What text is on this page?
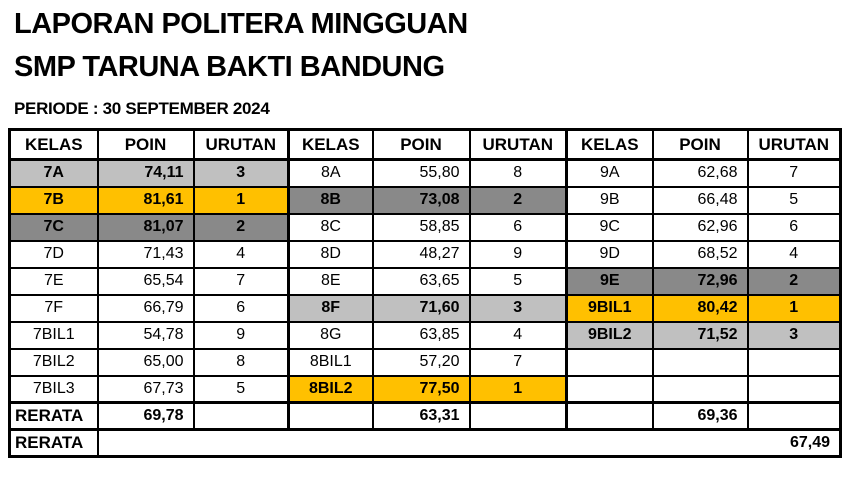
LAPORAN POLITERA MINGGUAN
SMP TARUNA BAKTI BANDUNG
PERIODE : 30 SEPTEMBER 2024
KELAS	POIN	URUTAN	KELAS	POIN	URUTAN	KELAS	POIN	URUTAN
7A	74,11	3	8A	55,80	8	9A	62,68	7
7B	81,61	1	8B	73,08	2	9B	66,48	5
7C	81,07	2	8C	58,85	6	9C	62,96	6
7D	71,43	4	8D	48,27	9	9D	68,52	4
7E	65,54	7	8E	63,65	5	9E	72,96	2
7F	66,79	6	8F	71,60	3	9BIL1	80,42	1
7BIL1	54,78	9	8G	63,85	4	9BIL2	71,52	3
7BIL2	65,00	8	8BIL1	57,20	7			
7BIL3	67,73	5	8BIL2	77,50	1			
RERATA	69,78			63,31			69,36	
RERATA	67,49							
